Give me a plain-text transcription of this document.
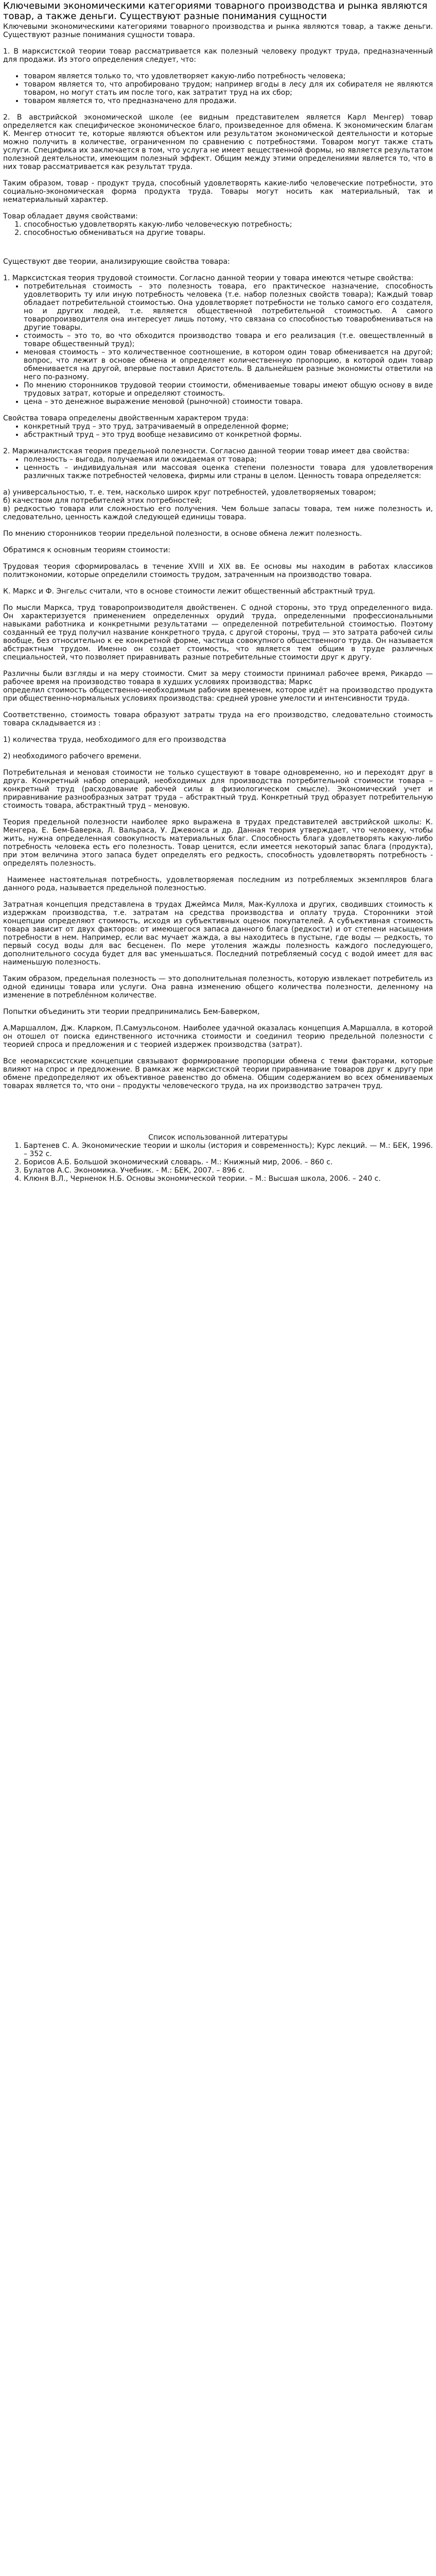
Ключевыми экономическими категориями товарного производства и рынка являются товар, а также деньги. Существуют разные понимания сущности

Ключевыми экономическими категориями товарного производства и рынка являются товар, а также деньги. Существуют разные понимания сущности товара.

1. В марксистской теории товар рассматривается как полезный человеку продукт труда, предназначенный для продажи. Из этого определения следует, что:

• товаром является только то, что удовлетворяет какую-либо потребность человека;
• товаром является то, что апробировано трудом; например вгоды в лесу для их собирателя не являются товаром, но могут стать им после того, как затратит труд на их сбор;
• товаром является то, что предназначено для продажи.

2. В австрийской экономической школе (ее видным представителем является Карл Менгер) товар определяется как специфическое экономическое благо, произведенное для обмена. К экономическим благам К. Менгер относит те, которые являются объектом или результатом экономической деятельности и которые можно получить в количестве, ограниченном по сравнению с потребностями. Товаром могут также стать услуги. Специфика их заключается в том, что услуга не имеет вещественной формы, но является результатом полезной деятельности, имеющим полезный эффект. Общим между этими определениями является то, что в них товар рассматривается как результат труда.

Таким образом, товар - продукт труда, способный удовлетворять какие-либо человеческие потребности, это социально-экономическая форма продукта труда. Товары могут носить как материальный, так и нематериальный характер.

Товар обладает двумя свойствами:

1. способностью удовлетворять какую-либо человеческую потребность;
2. способностью обмениваться на другие товары.

Существуют две теории, анализирующие свойства товара:

1. Марксистская теория трудовой стоимости. Согласно данной теории у товара имеются четыре свойства:

• потребительная стоимость – это полезность товара, его практическое назначение, способность удовлетворить ту или иную потребность человека (т.е. набор полезных свойств товара); Каждый товар обладает потребительной стоимостью. Она удовлетворяет потребности не только самого его создателя, но и других людей, т.е. является общественной потребительной стоимостью. А самого товаропроизводителя она интересует лишь потому, что связана со способностью товаробмениваться на другие товары.
• стоимость – это то, во что обходится производство товара и его реализация (т.е. овеществленный в товаре общественный труд);
• меновая стоимость – это количественное соотношение, в котором один товар обменивается на другой; вопрос, что лежит в основе обмена и определяет количественную пропорцию, в которой один товар обменивается на другой, впервые поставил Аристотель. В дальнейшем разные экономисты ответили на него по-разному.
• По мнению сторонников трудовой теории стоимости, обмениваемые товары имеют общую основу в виде трудовых затрат, которые и определяют стоимость.
• цена – это денежное выражение меновой (рыночной) стоимости товара.

Свойства товара определены двойственным характером труда:

• конкретный труд – это труд, затрачиваемый в определенной форме;
• абстрактный труд – это труд вообще независимо от конкретной формы.

2. Маржиналистская теория предельной полезности. Согласно данной теории товар имеет два свойства:

• полезность – выгода, получаемая или ожидаемая от товара;
• ценность – индивидуальная или массовая оценка степени полезности товара для удовлетворения различных также потребностей человека, фирмы или страны в целом. Ценность товара определяется:

а) универсальностью, т. е. тем, насколько широк круг потребностей, удовлетворяемых товаром;

б) качеством для потребителей этих потребностей;

в) редкостью товара или сложностью его получения. Чем больше запасы товара, тем ниже полезность и, следовательно, ценность каждой следующей единицы товара.

По мнению сторонников теории предельной полезности, в основе обмена лежит полезность.

Обратимся к основным теориям стоимости:

Трудовая теория сформировалась в течение XVIII и XIX вв. Ее основы мы находим в работах классиков политэкономии, которые определили стоимость трудом, затраченным на производство товара.

К. Маркс и Ф. Энгельс считали, что в основе стоимости лежит общественный абстрактный труд.

По мысли Маркса, труд товаропроизводителя двойственен. С одной стороны, это труд определенного вида. Он характеризуется применением определенных орудий труда, определенными профессиональными навыками работника и конкретными результатами — определенной потребительной стоимостью. Поэтому созданный ее труд получил название конкретного труда, с другой стороны, труд — это затрата рабочей силы вообще, без относительно к ее конкретной форме, частица совокупного общественного труда. Он называется абстрактным трудом. Именно он создает стоимость, что является тем общим в труде различных специальностей, что позволяет приравнивать разные потребительные стоимости друг к другу.

Различны были взгляды и на меру стоимости. Смит за меру стоимости принимал рабочее время, Рикардо — рабочее время на производство товара в худших условиях производства; Маркс

определил стоимость общественно-необходимым рабочим временем, которое идёт на производство продукта при общественно-нормальных условиях производства: средней уровне умелости и интенсивности труда.

Соответственно, стоимость товара образуют затраты труда на его производство, следовательно стоимость товара складывается из :

1) количества труда, необходимого для его производства

2) необходимого рабочего времени.

Потребительная и меновая стоимости не только существуют в товаре одновременно, но и переходят друг в друга. Конкретный набор операций, необходимых для производства потребительной стоимости товара – конкретный труд (расходование рабочей силы в физиологическом смысле). Экономический учет и приравнивание разнообразных затрат труда – абстрактный труд. Конкретный труд образует потребительную стоимость товара, абстрактный труд – меновую.

Теория предельной полезности наиболее ярко выражена в трудах представителей австрийской школы: К. Менгера, Е. Бем-Баверка, Л. Вальраса, У. Джевонса и др. Данная теория утверждает, что человеку, чтобы жить, нужна определенная совокупность материальных благ. Способность блага удовлетворять какую-либо потребность человека есть его полезность. Товар ценится, если имеется некоторый запас блага (продукта), при этом величина этого запаса будет определять его редкость, способность удовлетворять потребность - определять полезность.

Наименее настоятельная потребность, удовлетворяемая последним из потребляемых экземпляров блага данного рода, называется предельной полезностью.

Затратная концепция представлена в трудах Джеймса Миля, Мак-Куллоха и других, сводивших стоимость к издержкам производства, т.е. затратам на средства производства и оплату труда. Сторонники этой концепции определяют стоимость, исходя из субъективных оценок покупателей. А субъективная стоимость товара зависит от двух факторов: от имеющегося запаса данного блага (редкости) и от степени насыщения потребности в нем. Например, если вас мучает жажда, а вы находитесь в пустыне, где воды — редкость, то первый сосуд воды для вас бесценен. По мере утоления жажды полезность каждого последующего, дополнительного сосуда будет для вас уменьшаться. Последний потребляемый сосуд с водой имеет для вас наименьшую полезность.

Таким образом, предельная полезность — это дополнительная полезность, которую извлекает потребитель из одной единицы товара или услуги. Она равна изменению общего количества полезности, деленному на изменение в потреблённом количестве.

Попытки объединить эти теории предпринимались Бем-Баверком,

А.Маршаллом, Дж. Кларком, П.Самуэльсоном. Наиболее удачной оказалась концепция А.Маршалла, в которой он отошел от поиска единственного источника стоимости и соединил теорию предельной полезности с теорией спроса и предложения и с теорией издержек производства (затрат).

Все неомарксистские концепции связывают формирование пропорции обмена с теми факторами, которые влияют на спрос и предложение. В рамках же марксистской теории приравнивание товаров друг к другу при обмене предопределяют их объективное равенство до обмена. Общим содержанием во всех обмениваемых товарах является то, что они – продукты человеческого труда, на их производство затрачен труд.

Список использованной литературы

1. Бартенев С. А. Экономические теории и школы (история и современность); Курс лекций. — М.: БЕК, 1996. – 352 с.
2. Борисов А.Б. Большой экономический словарь. - М.: Книжный мир, 2006. – 860 с.
3. Булатов А.С. Экономика. Учебник. - М.: БЕК, 2007. – 896 с.
4. Клюня В.Л., Черненок Н.Б. Основы экономической теории. – М.: Высшая школа, 2006. – 240 с.
